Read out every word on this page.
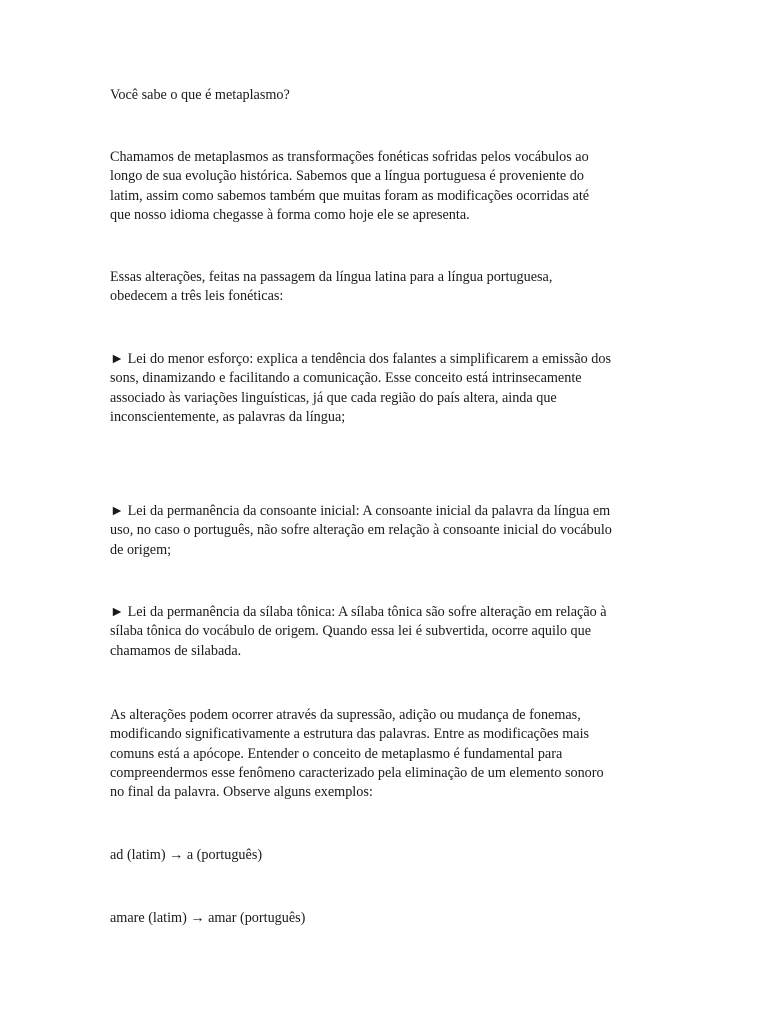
Você sabe o que é metaplasmo?

Chamamos de metaplasmos as transformações fonéticas sofridas pelos vocábulos ao
longo de sua evolução histórica. Sabemos que a língua portuguesa é proveniente do
latim, assim como sabemos também que muitas foram as modificações ocorridas até
que nosso idioma chegasse à forma como hoje ele se apresenta.

Essas alterações, feitas na passagem da língua latina para a língua portuguesa,
obedecem a três leis fonéticas:

► Lei do menor esforço: explica a tendência dos falantes a simplificarem a emissão dos
sons, dinamizando e facilitando a comunicação. Esse conceito está intrinsecamente
associado às variações linguísticas, já que cada região do país altera, ainda que
inconscientemente, as palavras da língua;

► Lei da permanência da consoante inicial: A consoante inicial da palavra da língua em
uso, no caso o português, não sofre alteração em relação à consoante inicial do vocábulo
de origem;

► Lei da permanência da sílaba tônica: A sílaba tônica são sofre alteração em relação à
sílaba tônica do vocábulo de origem. Quando essa lei é subvertida, ocorre aquilo que
chamamos de silabada.

As alterações podem ocorrer através da supressão, adição ou mudança de fonemas,
modificando significativamente a estrutura das palavras. Entre as modificações mais
comuns está a apócope. Entender o conceito de metaplasmo é fundamental para
compreendermos esse fenômeno caracterizado pela eliminação de um elemento sonoro
no final da palavra. Observe alguns exemplos:

ad (latim) → a (português)

amare (latim) → amar (português)
